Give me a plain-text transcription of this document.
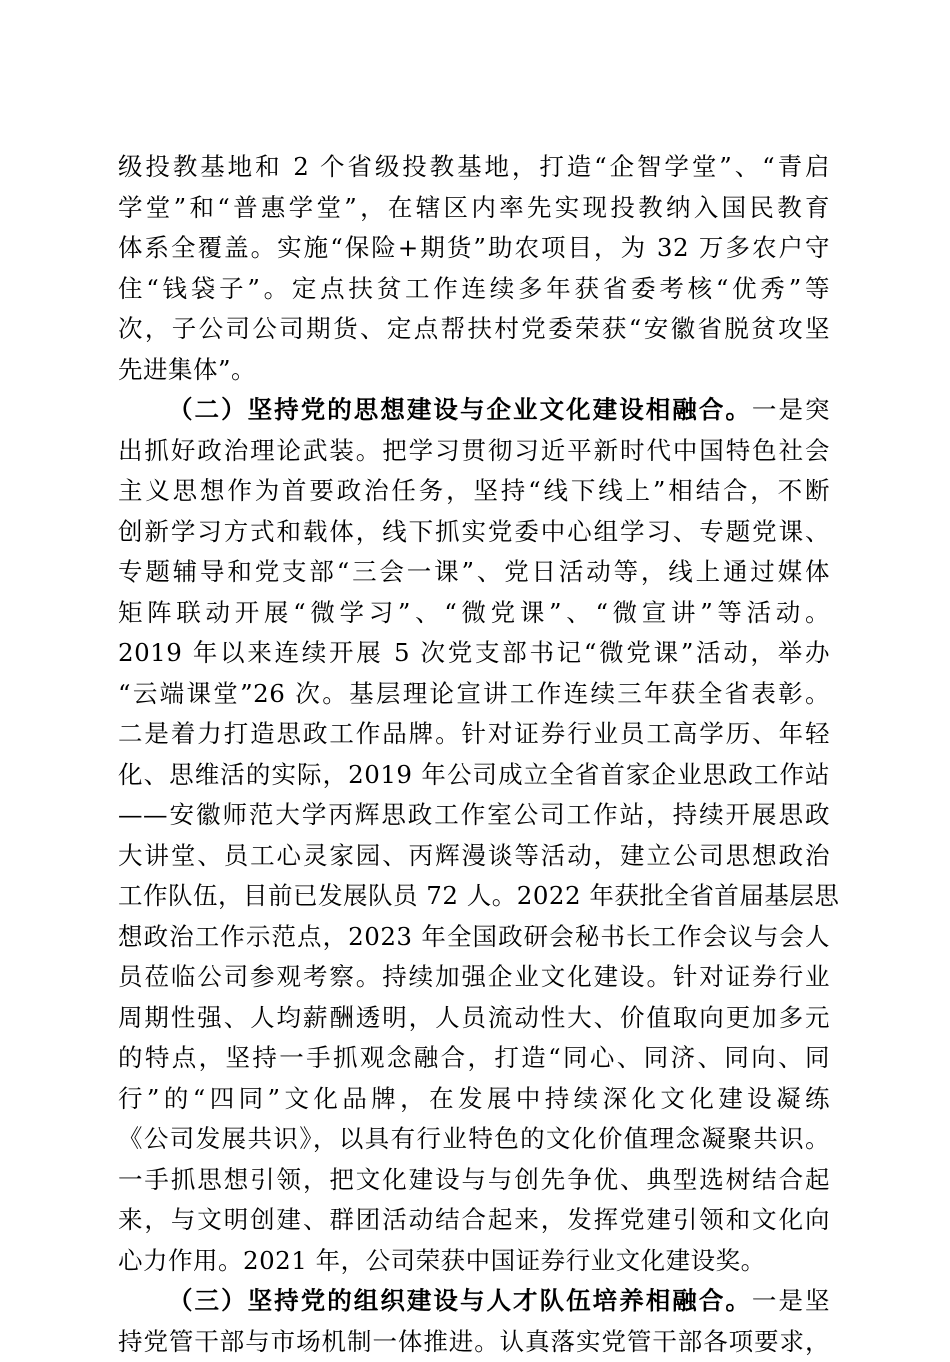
级投教基地和 2 个省级投教基地，打造“企智学堂”、“青启
学堂”和“普惠学堂”，在辖区内率先实现投教纳入国民教育
体系全覆盖。实施“保险+期货”助农项目，为 32 万多农户守
住“钱袋子”。定点扶贫工作连续多年获省委考核“优秀”等
次，子公司公司期货、定点帮扶村党委荣获“安徽省脱贫攻坚
先进集体”。
（二）坚持党的思想建设与企业文化建设相融合。一是突
出抓好政治理论武装。把学习贯彻习近平新时代中国特色社会
主义思想作为首要政治任务，坚持“线下线上”相结合，不断
创新学习方式和载体，线下抓实党委中心组学习、专题党课、
专题辅导和党支部“三会一课”、党日活动等，线上通过媒体
矩阵联动开展“微学习”、“微党课”、“微宣讲”等活动。
2019 年以来连续开展 5 次党支部书记“微党课”活动，举办
“云端课堂”26 次。基层理论宣讲工作连续三年获全省表彰。
二是着力打造思政工作品牌。针对证券行业员工高学历、年轻
化、思维活的实际，2019 年公司成立全省首家企业思政工作站
——安徽师范大学丙辉思政工作室公司工作站，持续开展思政
大讲堂、员工心灵家园、丙辉漫谈等活动，建立公司思想政治
工作队伍，目前已发展队员 72 人。2022 年获批全省首届基层思
想政治工作示范点，2023 年全国政研会秘书长工作会议与会人
员莅临公司参观考察。持续加强企业文化建设。针对证券行业
周期性强、人均薪酬透明，人员流动性大、价值取向更加多元
的特点，坚持一手抓观念融合，打造“同心、同济、同向、同
行”的“四同”文化品牌，在发展中持续深化文化建设凝练
《公司发展共识》，以具有行业特色的文化价值理念凝聚共识。
一手抓思想引领，把文化建设与与创先争优、典型选树结合起
来，与文明创建、群团活动结合起来，发挥党建引领和文化向
心力作用。2021 年，公司荣获中国证券行业文化建设奖。
（三）坚持党的组织建设与人才队伍培养相融合。一是坚
持党管干部与市场机制一体推进。认真落实党管干部各项要求，
